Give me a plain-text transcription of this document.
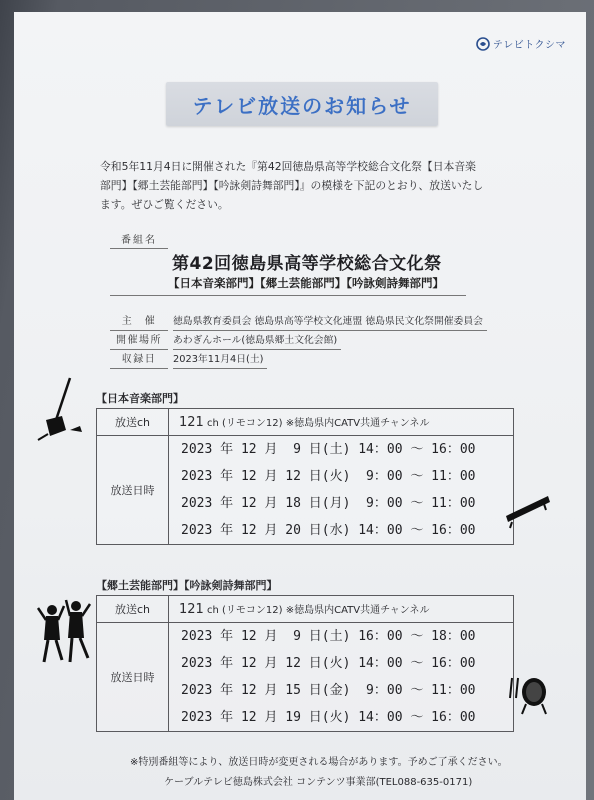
テレビトクシマ
テレビ放送のお知らせ
令和5年11月4日に開催された『第42回徳島県高等学校総合文化祭【日本音楽
部門】【郷土芸能部門】【吟詠剣詩舞部門】』の模様を下記のとおり、放送いたし
ます。ぜひご覧ください。
番組名
第42回徳島県高等学校総合文化祭
【日本音楽部門】【郷土芸能部門】【吟詠剣詩舞部門】
主　催	徳島県教育委員会 徳島県高等学校文化連盟 徳島県民文化祭開催委員会
開催場所	あわぎんホール(徳島県郷土文化会館)
収録日	2023年11月4日(土)
【日本音楽部門】
放送ch	121 ch (リモコン12) ※徳島県内CATV共通チャンネル
放送日時	2023 年 12 月  9 日(土) 14：00 ～ 16：00
2023 年 12 月 12 日(火)  9：00 ～ 11：00
2023 年 12 月 18 日(月)  9：00 ～ 11：00
2023 年 12 月 20 日(水) 14：00 ～ 16：00
【郷土芸能部門】【吟詠剣詩舞部門】
放送ch	121 ch (リモコン12) ※徳島県内CATV共通チャンネル
放送日時	2023 年 12 月  9 日(土) 16：00 ～ 18：00
2023 年 12 月 12 日(火) 14：00 ～ 16：00
2023 年 12 月 15 日(金)  9：00 ～ 11：00
2023 年 12 月 19 日(火) 14：00 ～ 16：00
※特別番組等により、放送日時が変更される場合があります。予めご了承ください。
ケーブルテレビ徳島株式会社 コンテンツ事業部(TEL088-635-0171)
